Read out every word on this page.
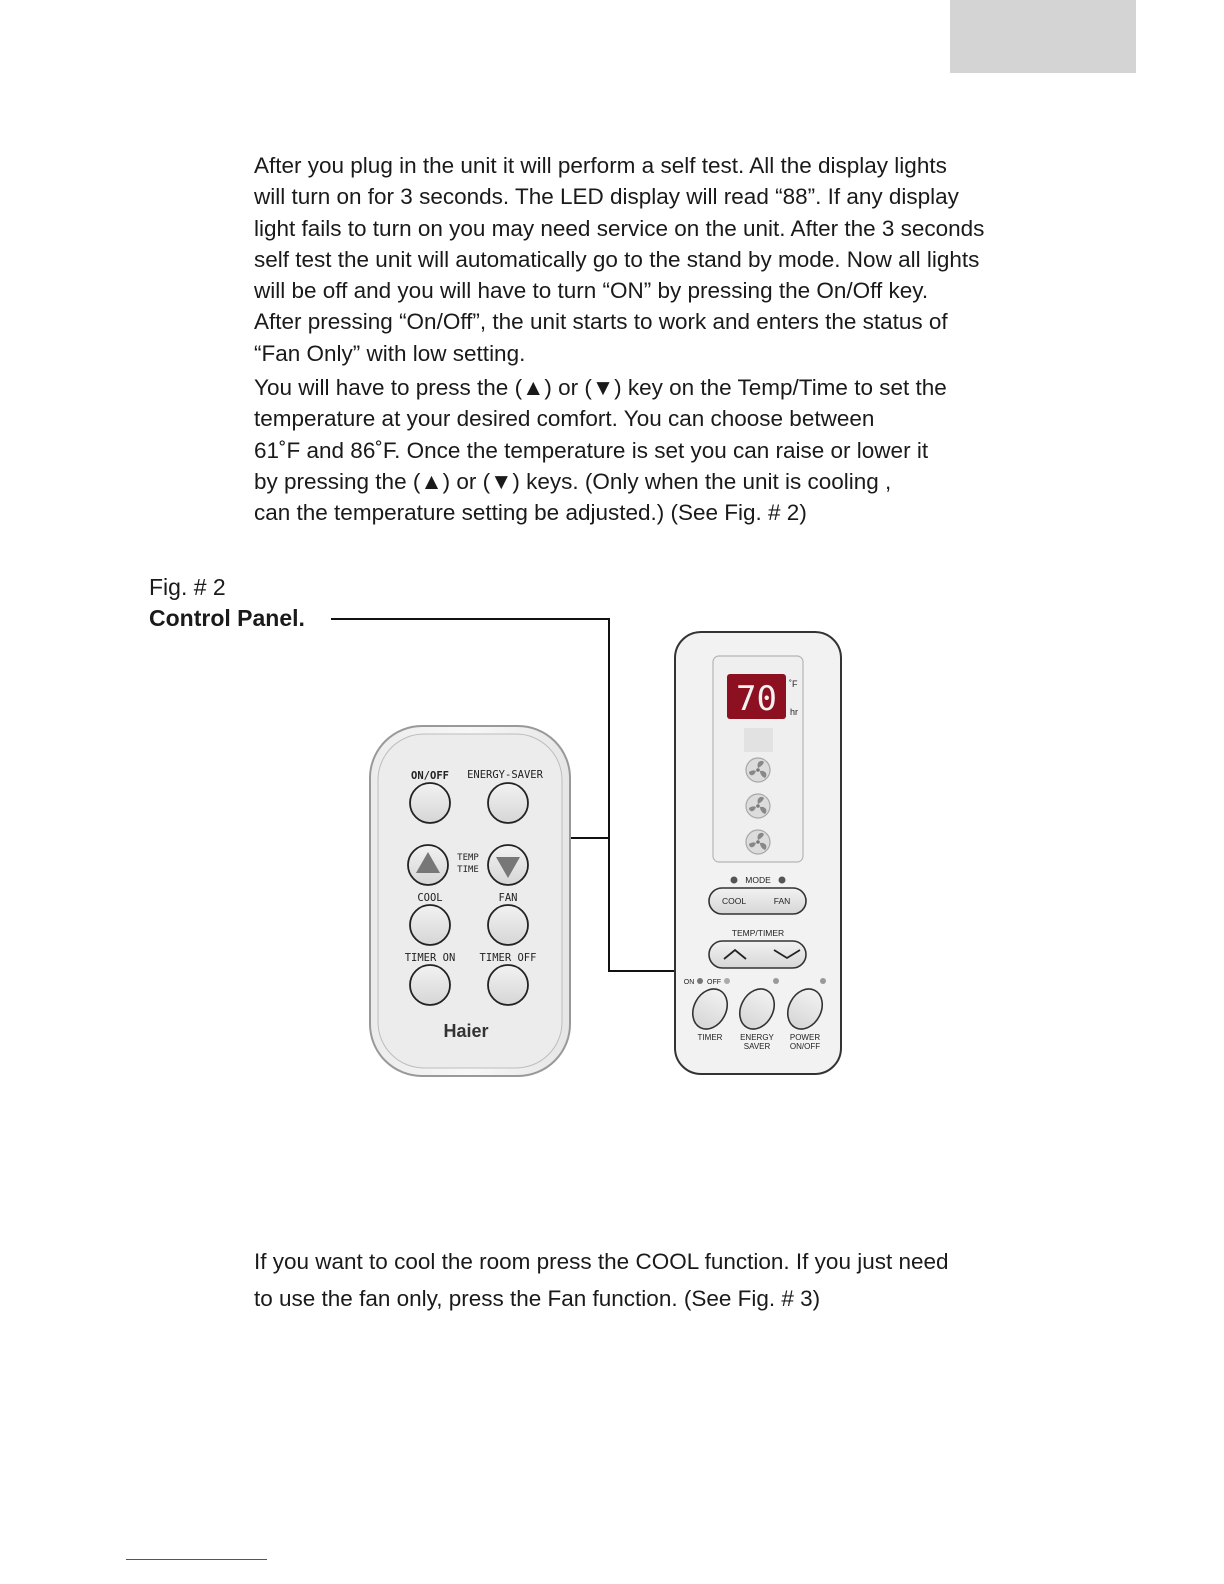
After you plug in the unit it will perform a self test. All the display lights
will turn on for 3 seconds. The LED display will read “88”. If any display
light fails to turn on you may need service on the unit. After the 3 seconds
self test the unit will automatically go to the stand by mode. Now all lights
will be off and you will have to turn “ON” by pressing the On/Off key.
After pressing “On/Off”, the unit starts to work and enters the status of
“Fan Only” with low setting.
You will have to press the (▲) or (▼) key on the Temp/Time to set the
temperature at your desired comfort. You can choose between
61˚F and 86˚F. Once the temperature is set you can raise or lower it
by pressing the (▲) or (▼) keys. (Only when the unit is cooling ,
can the temperature setting be adjusted.) (See Fig. # 2)
Fig. # 2
Control Panel.
ON/OFF ENERGY-SAVER
TEMP
TIME
COOL	FAN
TIMER ON TIMER OFF
Haier
70 ˚F
hr
MODE
COOL	FAN
TEMP/TIMER
ON OFF
TIMER ENERGY
SAVER
POWER
ON/OFF
If you want to cool the room press the COOL function. If you just need
to use the fan only, press the Fan function. (See Fig. # 3)
